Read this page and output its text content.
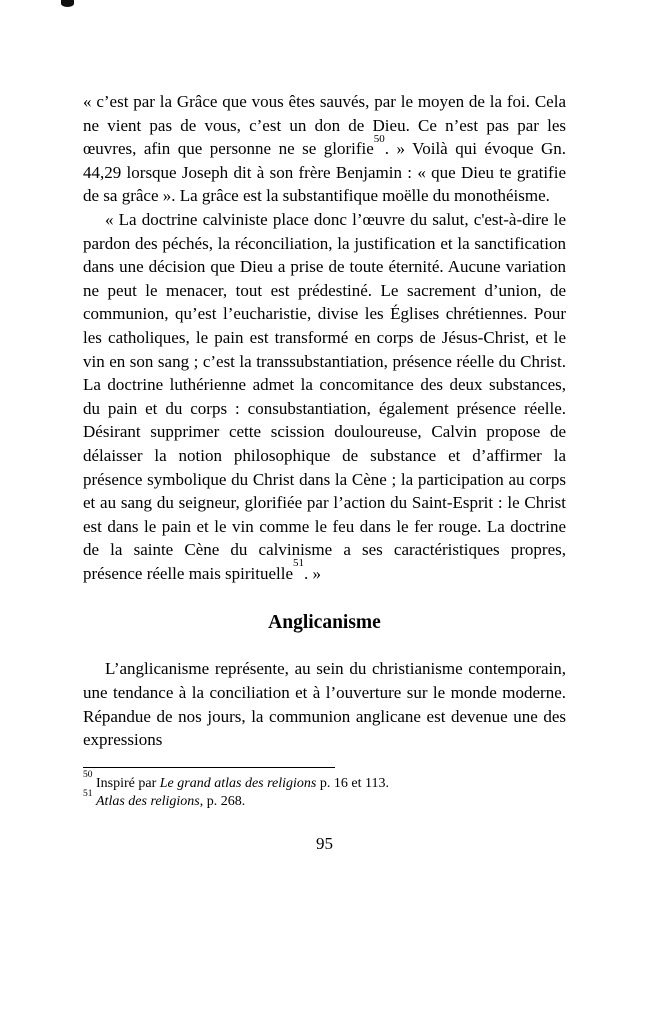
« c’est par la Grâce que vous êtes sauvés, par le moyen de la foi. Cela ne vient pas de vous, c’est un don de Dieu. Ce n’est pas par les œuvres, afin que personne ne se glorifie$^{50}$. » Voilà qui évoque Gn. 44,29 lorsque Joseph dit à son frère Benjamin : « que Dieu te gratifie de sa grâce ». La grâce est la substantifique moëlle du monothéisme.

« La doctrine calviniste place donc l’œuvre du salut, c'est-à-dire le pardon des péchés, la réconciliation, la justification et la sanctification dans une décision que Dieu a prise de toute éternité. Aucune variation ne peut le menacer, tout est prédestiné. Le sacrement d’union, de communion, qu’est l’eucharistie, divise les Églises chrétiennes. Pour les catholiques, le pain est transformé en corps de Jésus-Christ, et le vin en son sang ; c’est la transsubstantiation, présence réelle du Christ. La doctrine luthérienne admet la concomitance des deux substances, du pain et du corps : consubstantiation, également présence réelle. Désirant supprimer cette scission douloureuse, Calvin propose de délaisser la notion philosophique de substance et d’affirmer la présence symbolique du Christ dans la Cène ; la participation au corps et au sang du seigneur, glorifiée par l’action du Saint-Esprit : le Christ est dans le pain et le vin comme le feu dans le fer rouge. La doctrine de la sainte Cène du calvinisme a ses caractéristiques propres, présence réelle mais spirituelle$^{51}$. »

Anglicanisme

L’anglicanisme représente, au sein du christianisme contemporain, une tendance à la conciliation et à l’ouverture sur le monde moderne. Répandue de nos jours, la communion anglicane est devenue une des expressions

$^{50}$ Inspiré par Le grand atlas des religions p. 16 et 113.

$^{51}$ Atlas des religions, p. 268.

95
